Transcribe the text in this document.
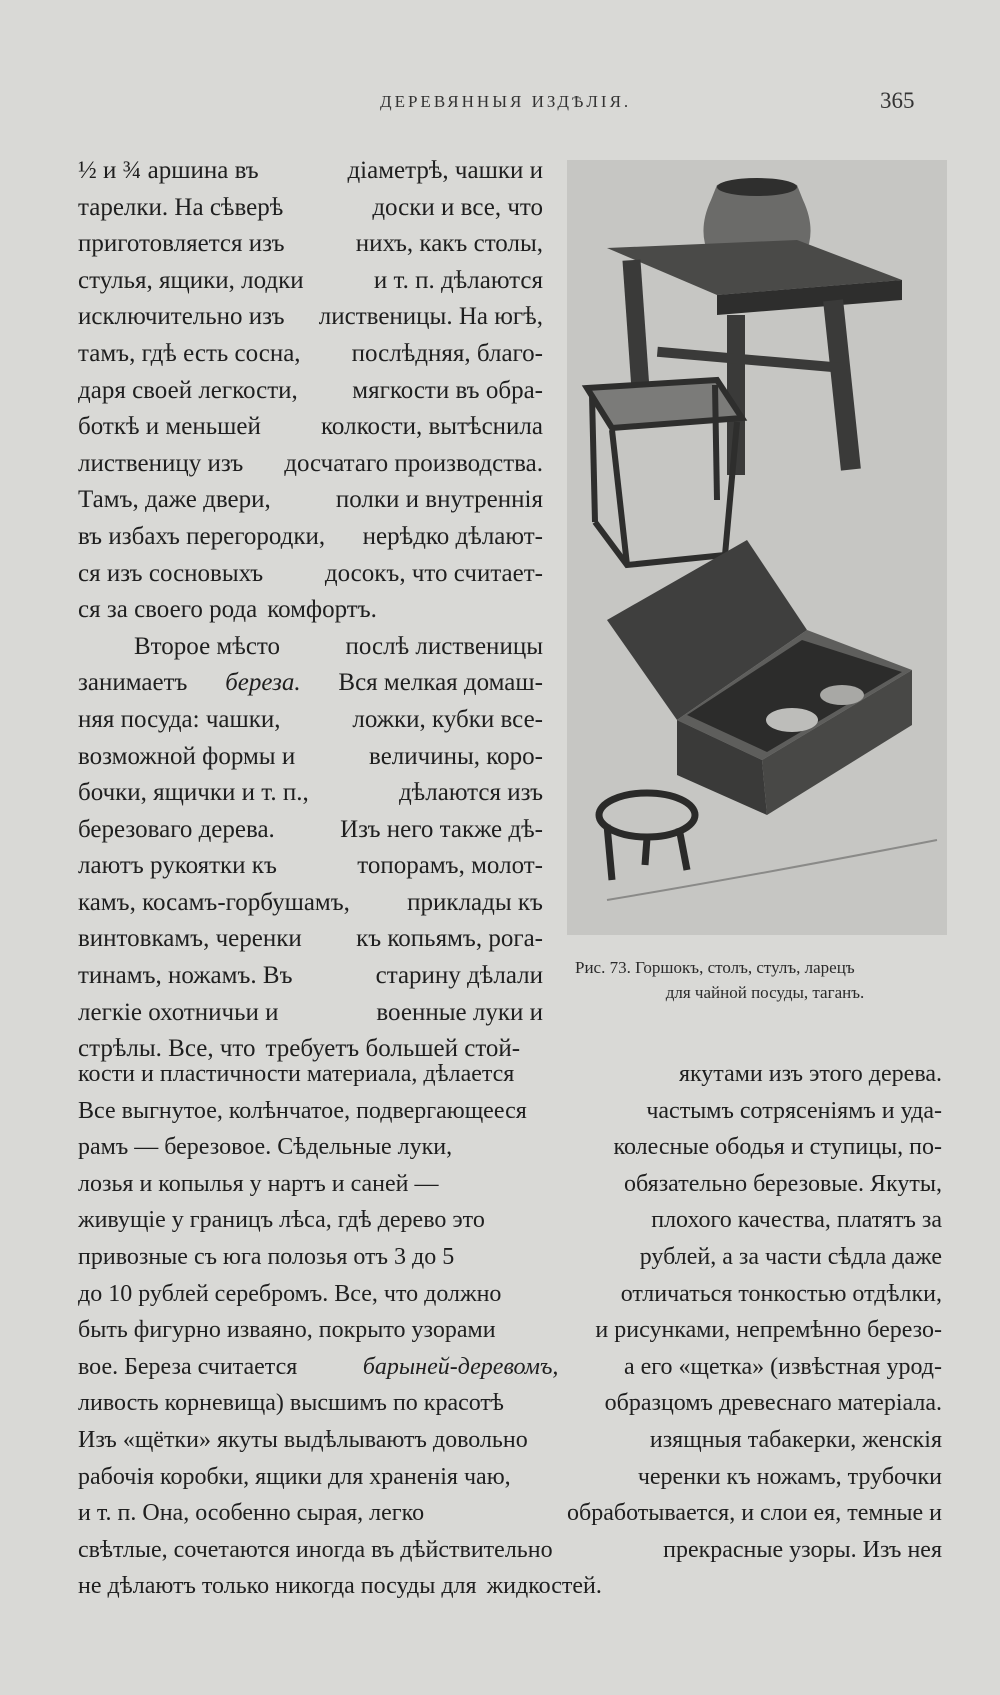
ДЕРЕВЯННЫЯ ИЗДѢЛІЯ.	365
½ и ¾ аршина въ	діаметрѣ, чашки и
тарелки. На сѣверѣ	доски и все, что
приготовляется изъ	нихъ, какъ столы,
стулья, ящики, лодки	и т. п. дѣлаются
исключительно изъ лиственицы. На югѣ,
тамъ, гдѣ есть сосна, послѣдняя, благо-
даря своей легкости, мягкости въ обра-
боткѣ и меньшей колкости, вытѣснила
лиственицу изъ досчатаго производства.
Тамъ, даже двери,	полки и внутреннія
въ избахъ перегородки, нерѣдко дѣлают-
ся изъ сосновыхъ досокъ, что считает-
ся за своего рода комфортъ.
Второе мѣсто	послѣ лиственицы
занимаетъ береза. Вся мелкая домаш-
няя посуда: чашки,	ложки, кубки все-
возможной формы и	величины, коро-
бочки, ящички и т. п.,	дѣлаются изъ
березоваго дерева.	Изъ него также дѣ-
лаютъ рукоятки къ	топорамъ, молот-
камъ, косамъ-горбушамъ, приклады къ
винтовкамъ, черенки къ копьямъ, рога-
тинамъ, ножамъ. Въ	старину дѣлали
легкіе охотничьи и	военные луки и
стрѣлы. Все, что требуетъ большей стой-
Рис. 73. Горшокъ, столъ, стулъ, ларецъ
для чайной посуды, таганъ.
кости и пластичности материала, дѣлается	якутами изъ этого дерева.
Все выгнутое, колѣнчатое, подвергающееся	частымъ сотрясеніямъ и уда-
рамъ — березовое. Сѣдельные луки,	колесные ободья и ступицы, по-
лозья и копылья у нартъ и саней —	обязательно березовые. Якуты,
живущіе у границъ лѣса, гдѣ дерево это	плохого качества, платятъ за
привозные съ юга полозья отъ 3 до 5	рублей, а за части сѣдла даже
до 10 рублей серебромъ. Все, что должно	отличаться тонкостью отдѣлки,
быть фигурно изваяно, покрыто узорами	и рисунками, непремѣнно березо-
вое. Береза считается	барыней-деревомъ,	а его «щетка» (извѣстная урод-
ливость корневища) высшимъ по красотѣ	образцомъ древеснаго матеріала.
Изъ «щётки» якуты выдѣлываютъ довольно	изящныя табакерки, женскія
рабочія коробки, ящики для храненія чаю,	черенки къ ножамъ, трубочки
и т. п. Она, особенно сырая, легко	обработывается, и слои ея, темные и
свѣтлые, сочетаются иногда въ дѣйствительно	прекрасные узоры. Изъ нея
не дѣлаютъ только никогда посуды для жидкостей.
